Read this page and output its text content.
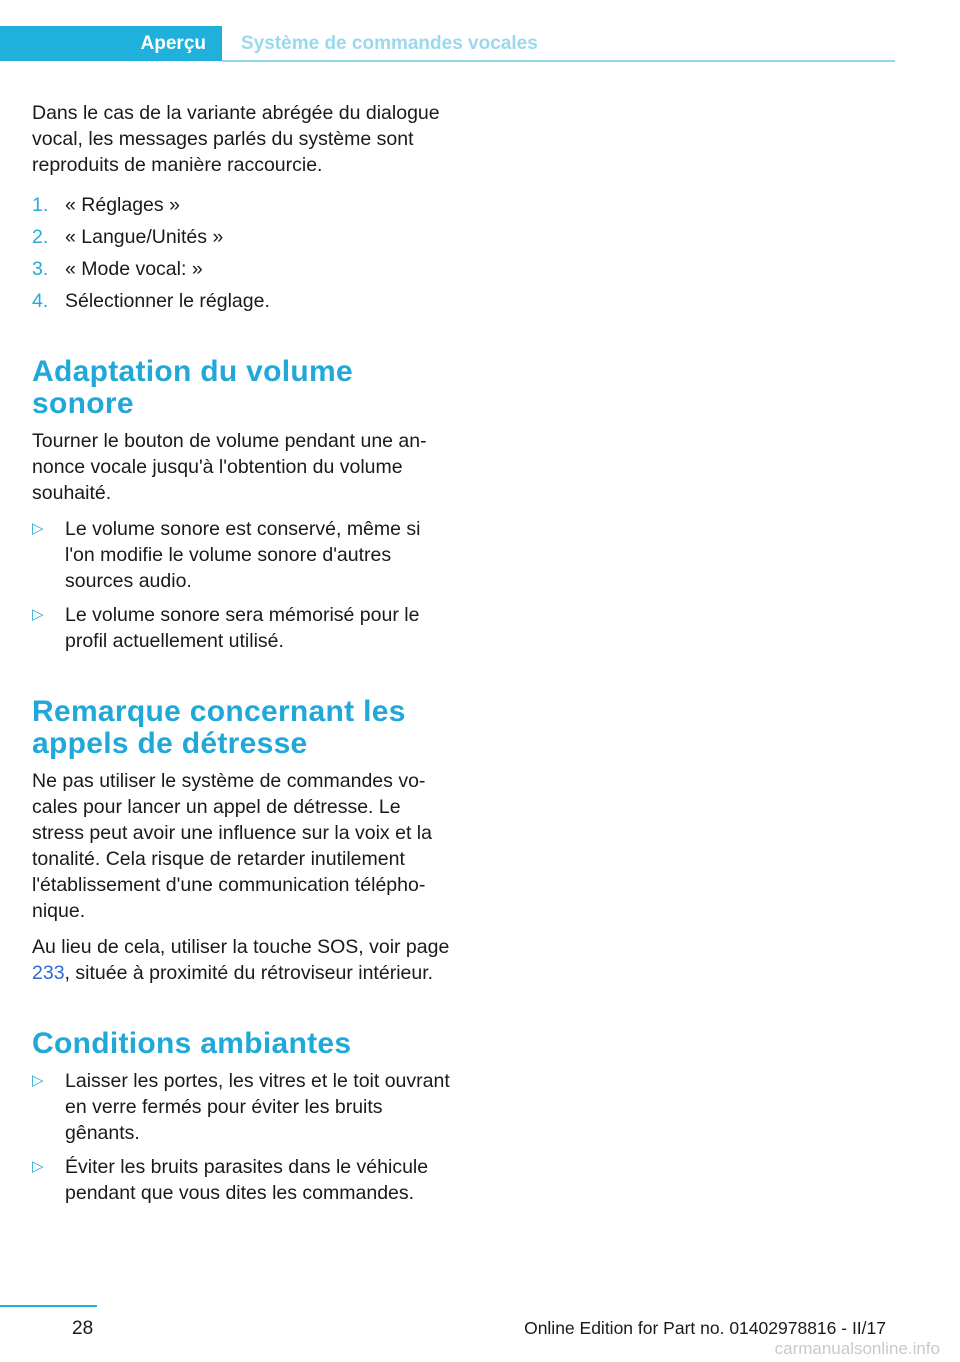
Aperçu	Système de commandes vocales

Dans le cas de la variante abrégée du dialogue vocal, les messages parlés du système sont reproduits de manière raccourcie.

1. « Réglages »
2. « Langue/Unités »
3. « Mode vocal: »
4. Sélectionner le réglage.
Adaptation du volume sonore

Tourner le bouton de volume pendant une annonce vocale jusqu'à l'obtention du volume souhaité.

▷ Le volume sonore est conservé, même si l'on modifie le volume sonore d'autres sources audio.
▷ Le volume sonore sera mémorisé pour le profil actuellement utilisé.
Remarque concernant les appels de détresse

Ne pas utiliser le système de commandes vocales pour lancer un appel de détresse. Le stress peut avoir une influence sur la voix et la tonalité. Cela risque de retarder inutilement l'établissement d'une communication téléphonique.

Au lieu de cela, utiliser la touche SOS, voir page 233, située à proximité du rétroviseur intérieur.

Conditions ambiantes
▷ Laisser les portes, les vitres et le toit ouvrant en verre fermés pour éviter les bruits gênants.
▷ Éviter les bruits parasites dans le véhicule pendant que vous dites les commandes.
28	Online Edition for Part no. 01402978816 - II/17
carmanualsonline.info
